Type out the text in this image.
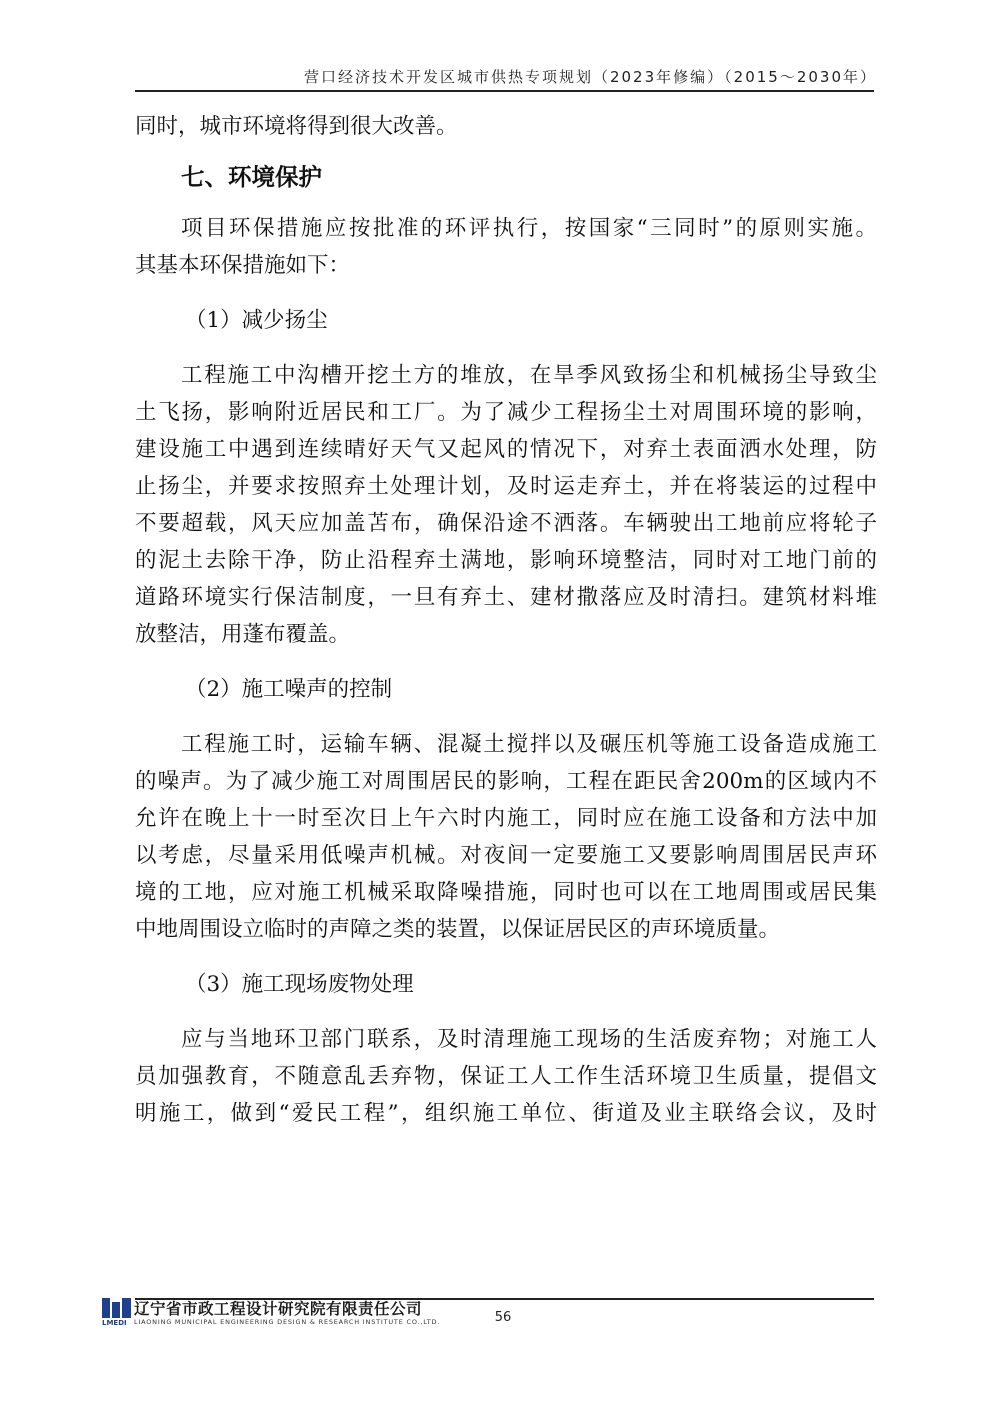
营口经济技术开发区城市供热专项规划（2023年修编）（2015～2030年）
同时，城市环境将得到很大改善。
七、环境保护
项目环保措施应按批准的环评执行，按国家“三同时”的原则实施。
其基本环保措施如下：
（1）减少扬尘
工程施工中沟槽开挖土方的堆放，在旱季风致扬尘和机械扬尘导致尘
土飞扬，影响附近居民和工厂。为了减少工程扬尘土对周围环境的影响，
建设施工中遇到连续晴好天气又起风的情况下，对弃土表面洒水处理，防
止扬尘，并要求按照弃土处理计划，及时运走弃土，并在将装运的过程中
不要超载，风天应加盖苫布，确保沿途不洒落。车辆驶出工地前应将轮子
的泥土去除干净，防止沿程弃土满地，影响环境整洁，同时对工地门前的
道路环境实行保洁制度，一旦有弃土、建材撒落应及时清扫。建筑材料堆
放整洁，用蓬布覆盖。
（2）施工噪声的控制
工程施工时，运输车辆、混凝土搅拌以及碾压机等施工设备造成施工
的噪声。为了减少施工对周围居民的影响，工程在距民舍200m的区域内不
允许在晚上十一时至次日上午六时内施工，同时应在施工设备和方法中加
以考虑，尽量采用低噪声机械。对夜间一定要施工又要影响周围居民声环
境的工地，应对施工机械采取降噪措施，同时也可以在工地周围或居民集
中地周围设立临时的声障之类的装置，以保证居民区的声环境质量。
（3）施工现场废物处理
应与当地环卫部门联系，及时清理施工现场的生活废弃物；对施工人
员加强教育，不随意乱丢弃物，保证工人工作生活环境卫生质量，提倡文
明施工，做到“爱民工程”，组织施工单位、街道及业主联络会议，及时
LMEDI
辽宁省市政工程设计研究院有限责任公司
LIAONING MUNICIPAL ENGINEERING DESIGN & RESEARCH INSTITUTE CO.,LTD.	56
